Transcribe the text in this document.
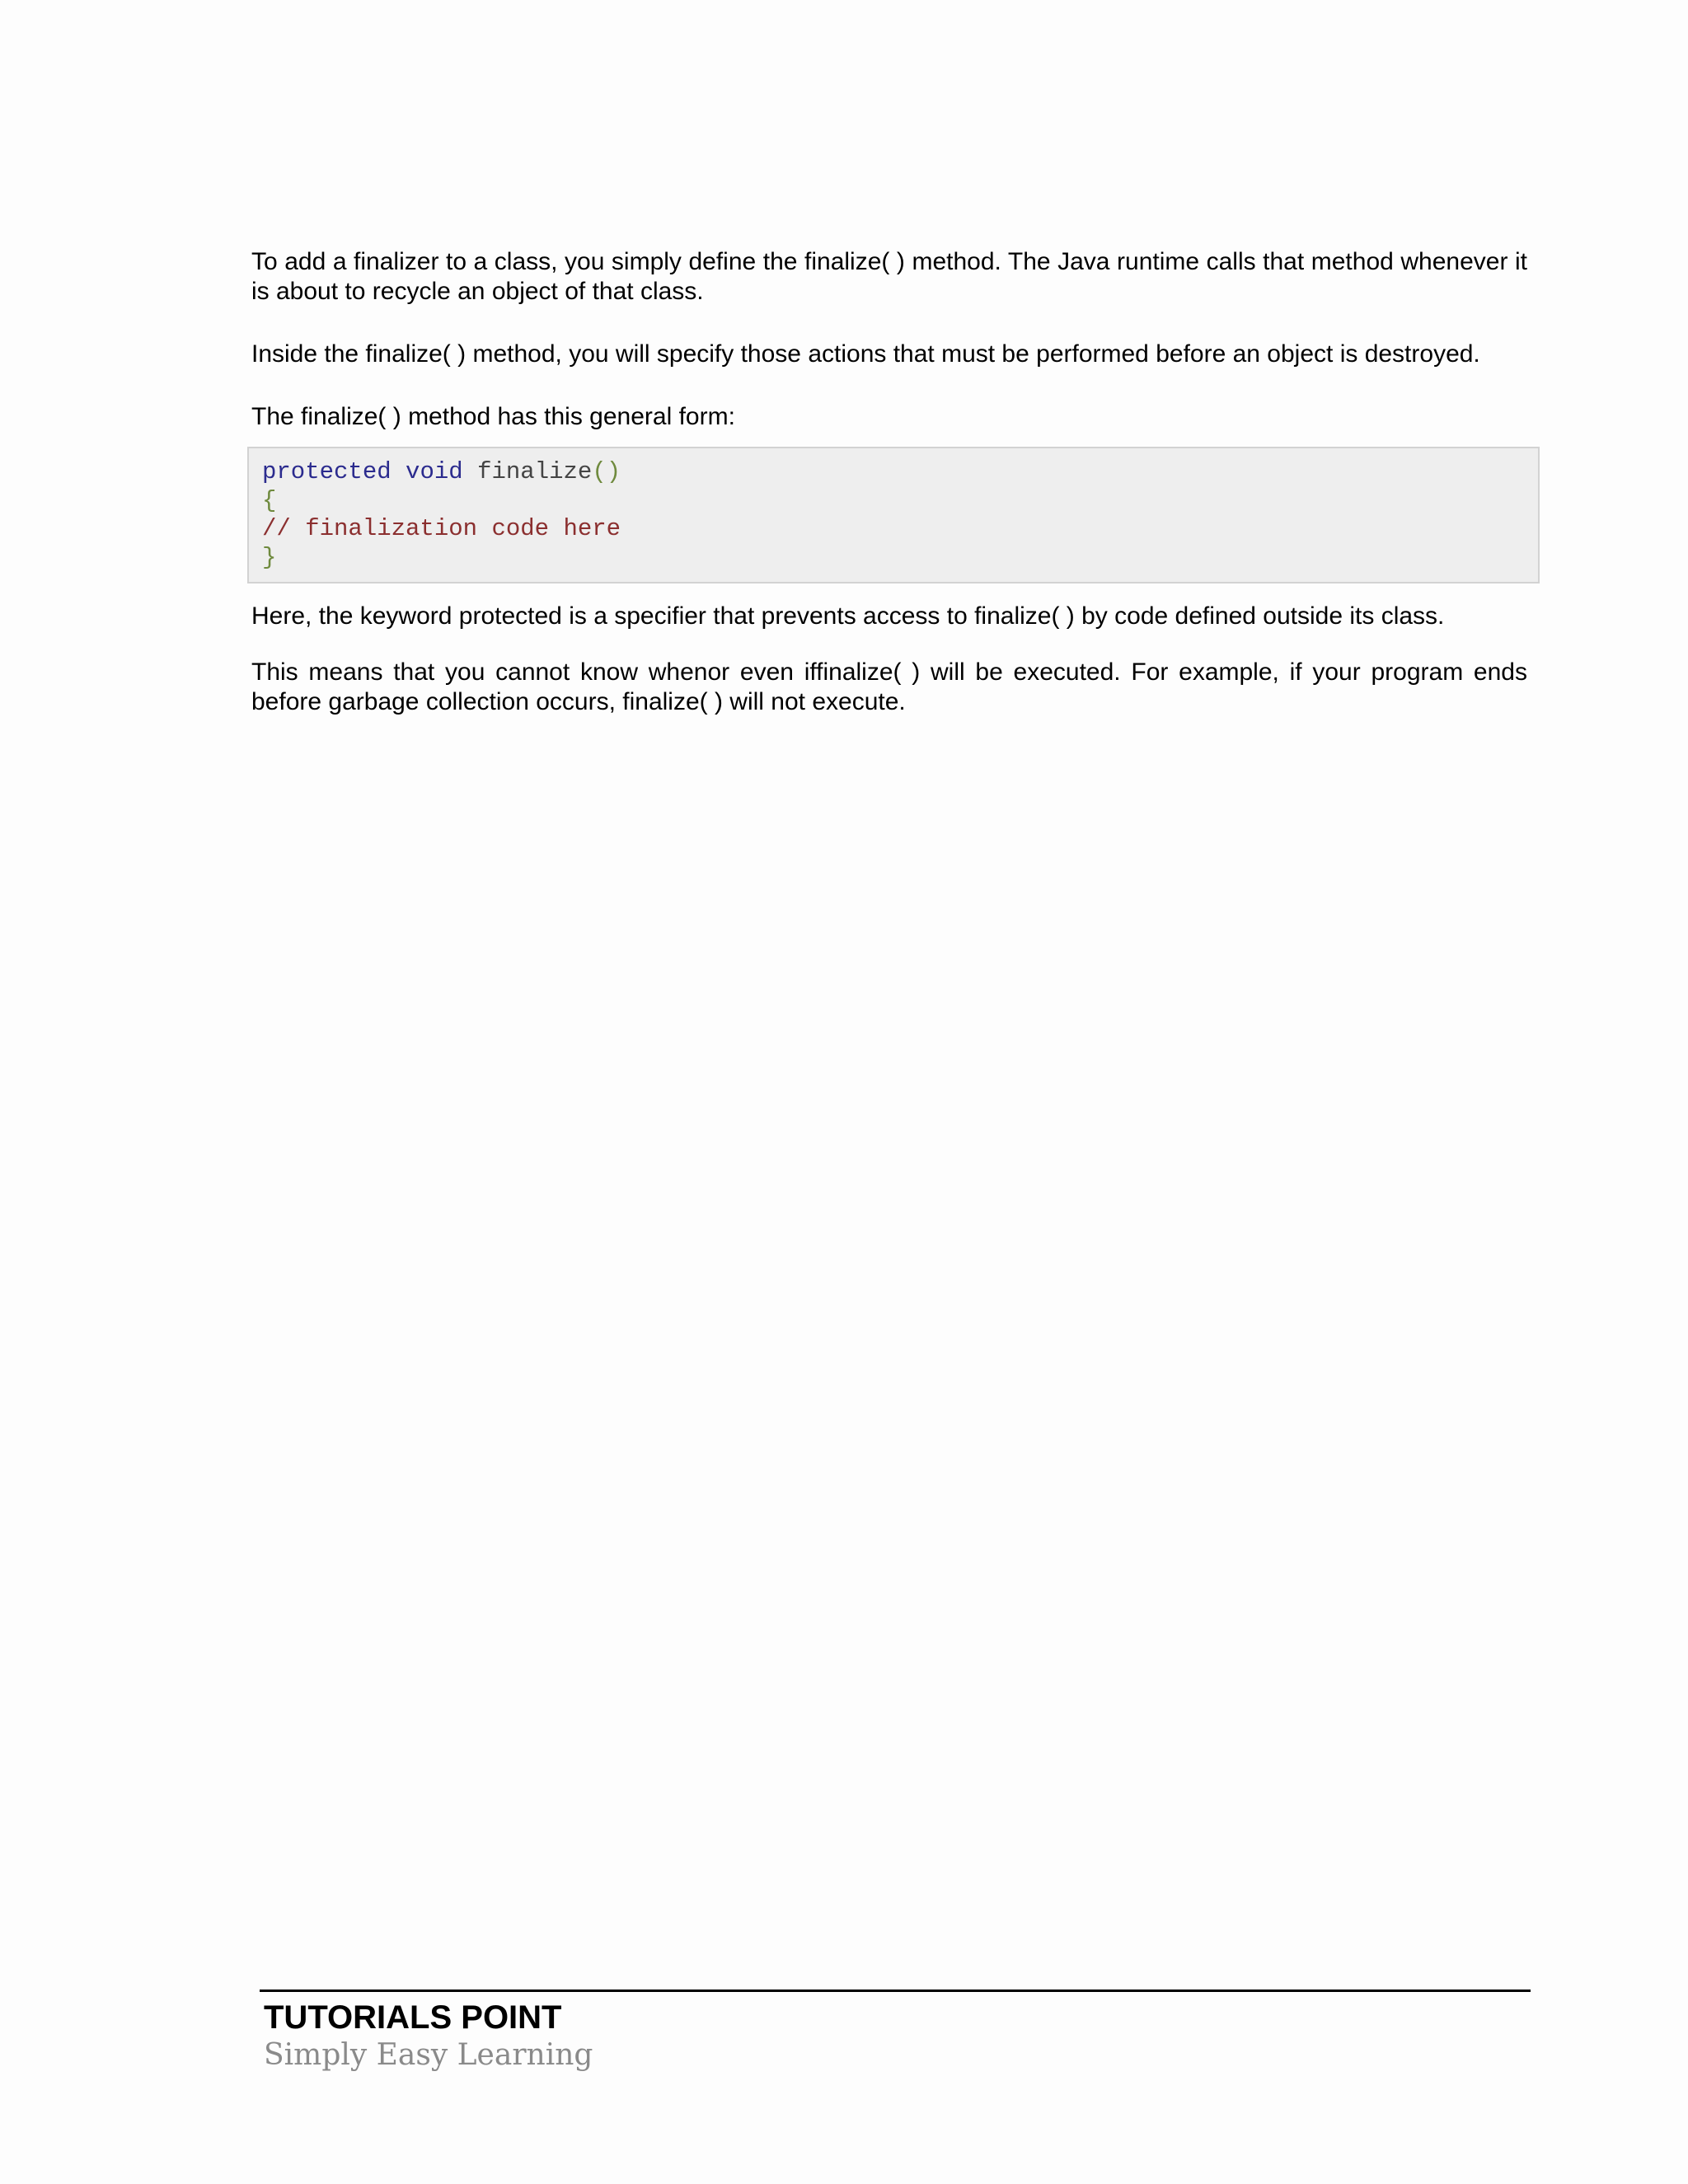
To add a finalizer to a class, you simply define the finalize( ) method. The Java runtime calls that method whenever it is about to recycle an object of that class.

Inside the finalize( ) method, you will specify those actions that must be performed before an object is destroyed.

The finalize( ) method has this general form:

protected void finalize()
{
// finalization code here
}

Here, the keyword protected is a specifier that prevents access to finalize( ) by code defined outside its class.

This means that you cannot know whenor even iffinalize( ) will be executed. For example, if your program ends before garbage collection occurs, finalize( ) will not execute.

TUTORIALS POINT
Simply Easy Learning
